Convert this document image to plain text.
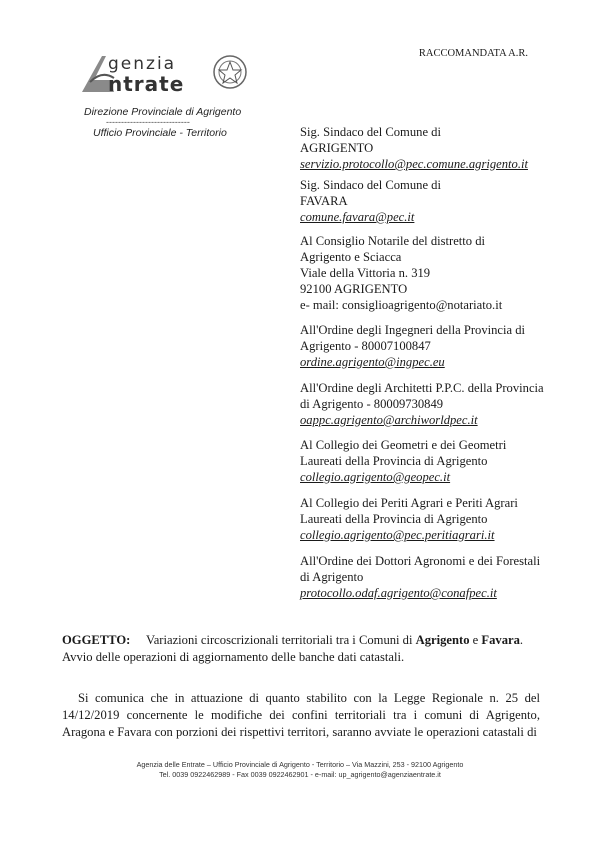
genzia
ntrate
Direzione Provinciale di Agrigento
----------------------------
Ufficio Provinciale - Territorio
RACCOMANDATA A.R.
Sig. Sindaco del Comune di
AGRIGENTO
servizio.protocollo@pec.comune.agrigento.it
Sig. Sindaco del Comune di
FAVARA
comune.favara@pec.it
Al Consiglio Notarile del distretto di
Agrigento e Sciacca
Viale della Vittoria n. 319
92100 AGRIGENTO
e- mail: consiglioagrigento@notariato.it
All'Ordine degli Ingegneri della Provincia di
Agrigento - 80007100847
ordine.agrigento@ingpec.eu
All'Ordine degli Architetti P.P.C. della Provincia
di Agrigento - 80009730849
oappc.agrigento@archiworldpec.it
Al Collegio dei Geometri e dei Geometri
Laureati della Provincia di Agrigento
collegio.agrigento@geopec.it
Al Collegio dei Periti Agrari e Periti Agrari
Laureati della Provincia di Agrigento
collegio.agrigento@pec.peritiagrari.it
All'Ordine dei Dottori Agronomi e dei Forestali
di Agrigento
protocollo.odaf.agrigento@conafpec.it
OGGETTO: Variazioni circoscrizionali territoriali tra i Comuni di Agrigento e Favara. Avvio delle operazioni di aggiornamento delle banche dati catastali.
Si comunica che in attuazione di quanto stabilito con la Legge Regionale n. 25 del 14/12/2019 concernente le modifiche dei confini territoriali tra i comuni di Agrigento, Aragona e Favara con porzioni dei rispettivi territori, saranno avviate le operazioni catastali di
Agenzia delle Entrate – Ufficio Provinciale di Agrigento - Territorio – Via Mazzini, 253 - 92100 Agrigento
Tel. 0039 0922462989 - Fax 0039 0922462901 - e-mail: up_agrigento@agenziaentrate.it
